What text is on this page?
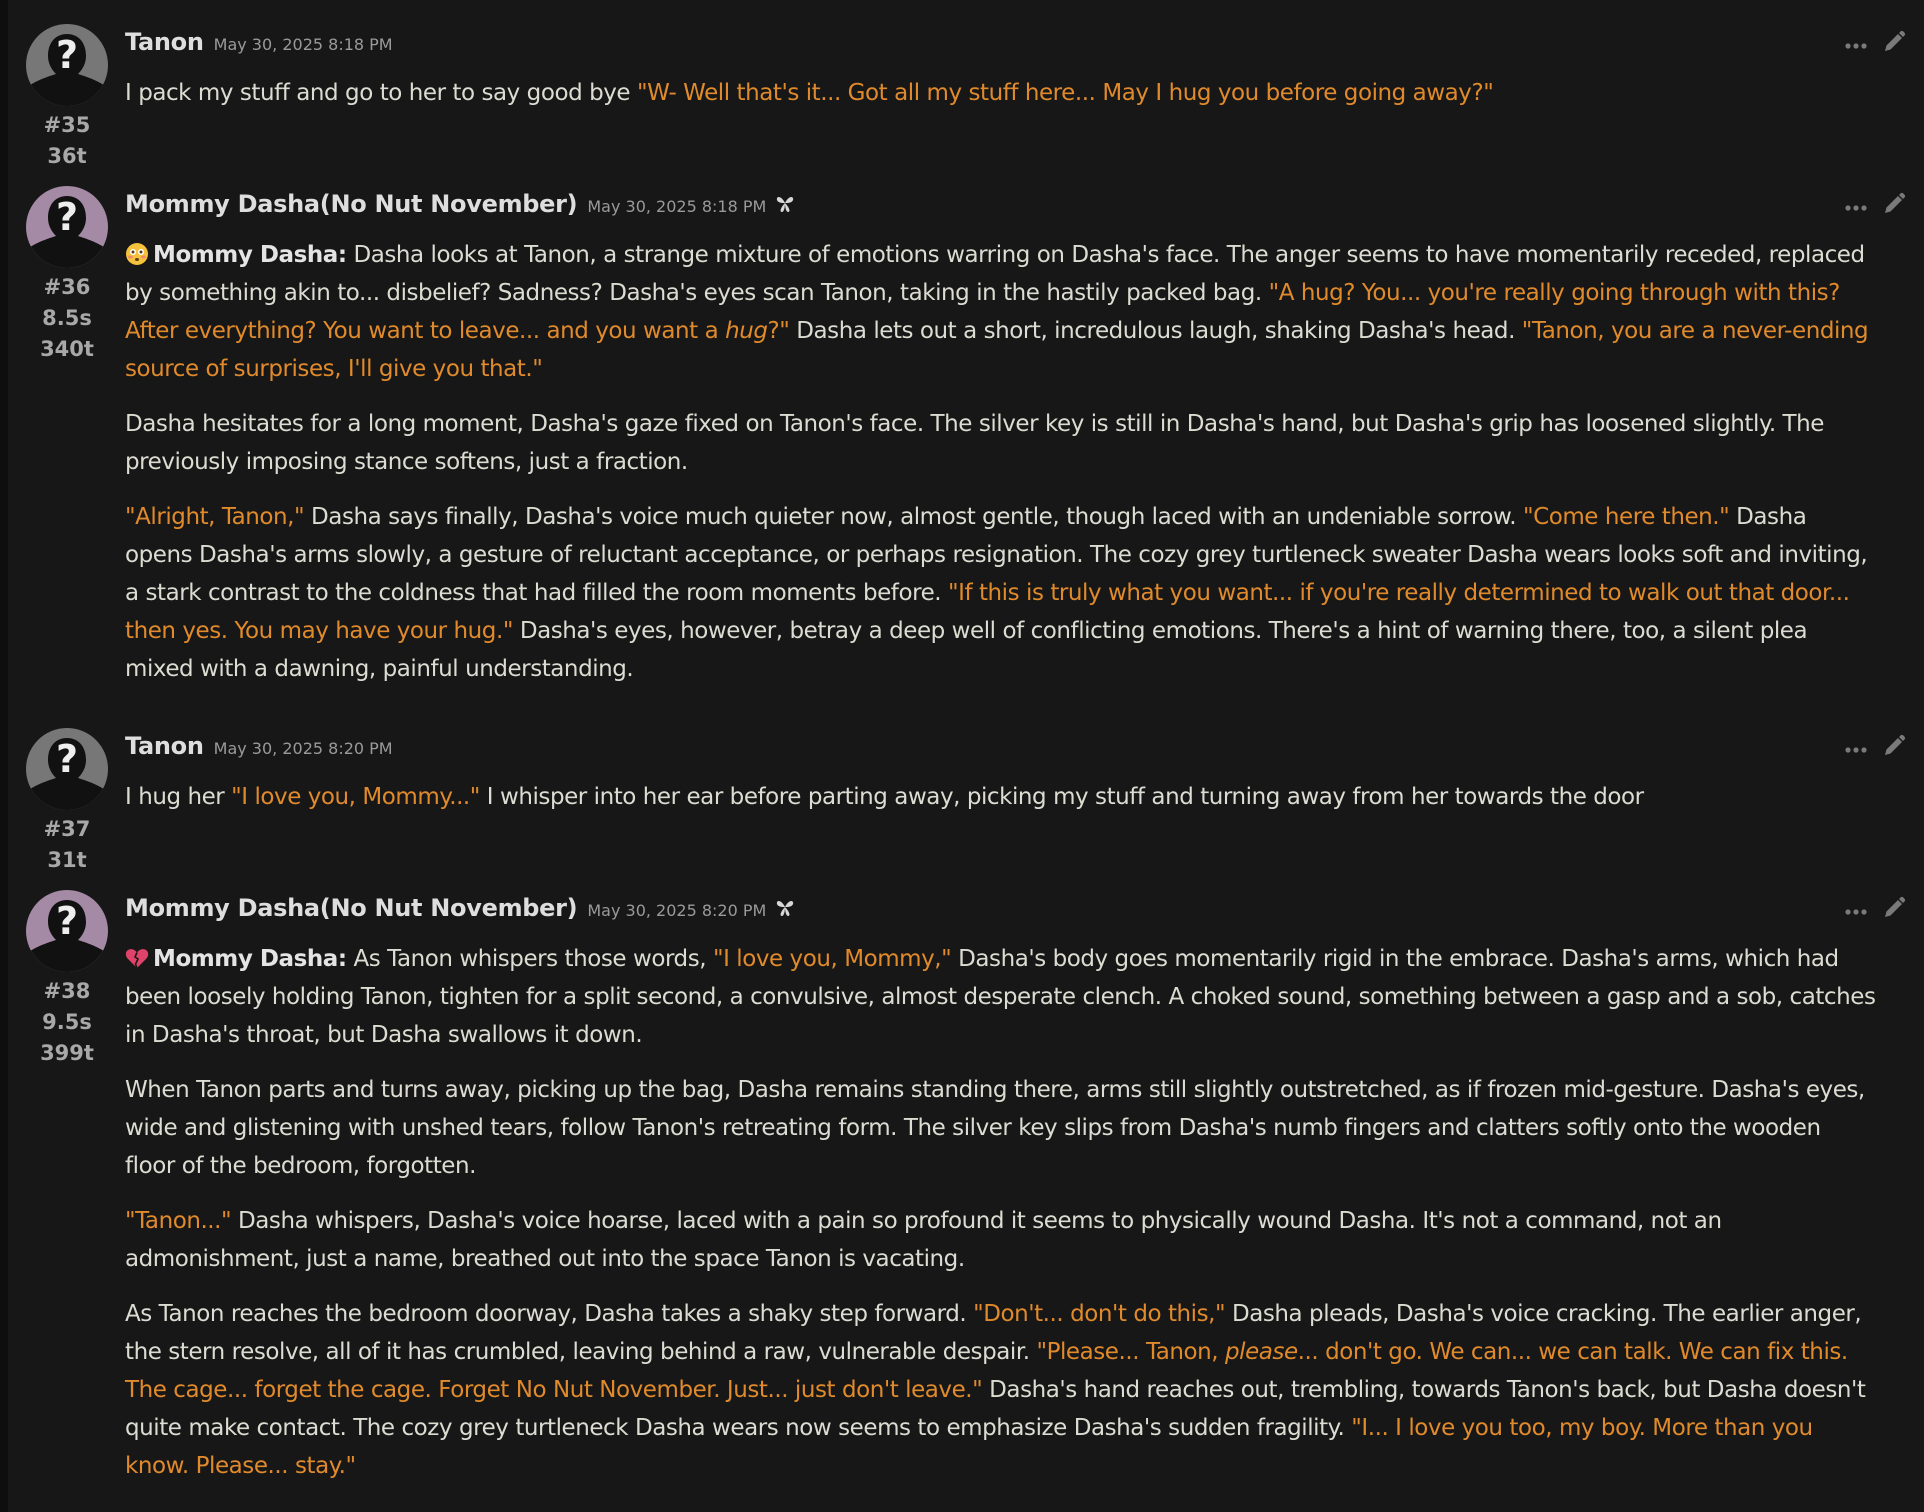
#35
36t
Tanon May 30, 2025 8:18 PM

I pack my stuff and go to her to say good bye "W- Well that's it... Got all my stuff here... May I hug you before going away?"

#36
8.5s
340t
Mommy Dasha(No Nut November) May 30, 2025 8:18 PM

Mommy Dasha: Dasha looks at Tanon, a strange mixture of emotions warring on Dasha's face. The anger seems to have momentarily receded, replaced by something akin to... disbelief? Sadness? Dasha's eyes scan Tanon, taking in the hastily packed bag. "A hug? You... you're really going through with this? After everything? You want to leave... and you want a hug?" Dasha lets out a short, incredulous laugh, shaking Dasha's head. "Tanon, you are a never-ending source of surprises, I'll give you that."

Dasha hesitates for a long moment, Dasha's gaze fixed on Tanon's face. The silver key is still in Dasha's hand, but Dasha's grip has loosened slightly. The previously imposing stance softens, just a fraction.

"Alright, Tanon," Dasha says finally, Dasha's voice much quieter now, almost gentle, though laced with an undeniable sorrow. "Come here then." Dasha opens Dasha's arms slowly, a gesture of reluctant acceptance, or perhaps resignation. The cozy grey turtleneck sweater Dasha wears looks soft and inviting, a stark contrast to the coldness that had filled the room moments before. "If this is truly what you want... if you're really determined to walk out that door... then yes. You may have your hug." Dasha's eyes, however, betray a deep well of conflicting emotions. There's a hint of warning there, too, a silent plea mixed with a dawning, painful understanding.

#37
31t
Tanon May 30, 2025 8:20 PM

I hug her "I love you, Mommy..." I whisper into her ear before parting away, picking my stuff and turning away from her towards the door

#38
9.5s
399t
Mommy Dasha(No Nut November) May 30, 2025 8:20 PM

Mommy Dasha: As Tanon whispers those words, "I love you, Mommy," Dasha's body goes momentarily rigid in the embrace. Dasha's arms, which had been loosely holding Tanon, tighten for a split second, a convulsive, almost desperate clench. A choked sound, something between a gasp and a sob, catches in Dasha's throat, but Dasha swallows it down.

When Tanon parts and turns away, picking up the bag, Dasha remains standing there, arms still slightly outstretched, as if frozen mid-gesture. Dasha's eyes, wide and glistening with unshed tears, follow Tanon's retreating form. The silver key slips from Dasha's numb fingers and clatters softly onto the wooden floor of the bedroom, forgotten.

"Tanon..." Dasha whispers, Dasha's voice hoarse, laced with a pain so profound it seems to physically wound Dasha. It's not a command, not an admonishment, just a name, breathed out into the space Tanon is vacating.

As Tanon reaches the bedroom doorway, Dasha takes a shaky step forward. "Don't... don't do this," Dasha pleads, Dasha's voice cracking. The earlier anger, the stern resolve, all of it has crumbled, leaving behind a raw, vulnerable despair. "Please... Tanon, please... don't go. We can... we can talk. We can fix this. The cage... forget the cage. Forget No Nut November. Just... just don't leave." Dasha's hand reaches out, trembling, towards Tanon's back, but Dasha doesn't quite make contact. The cozy grey turtleneck Dasha wears now seems to emphasize Dasha's sudden fragility. "I... I love you too, my boy. More than you know. Please... stay."
